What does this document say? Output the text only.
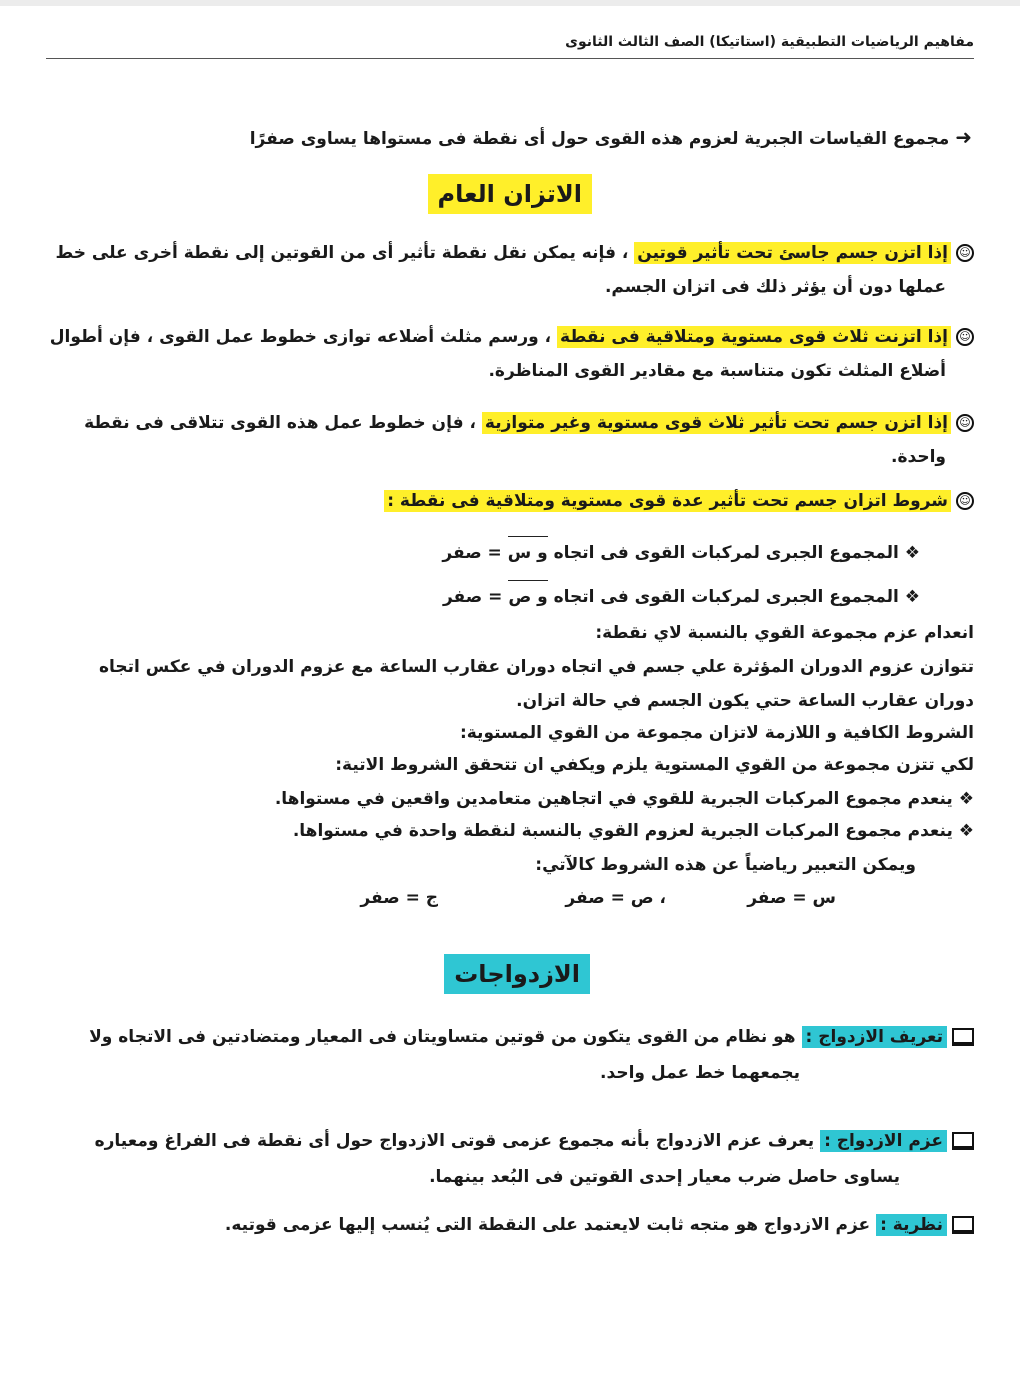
مفاهيم الرياضيات التطبيقية (استاتيكا) الصف الثالث الثانوى
➜ مجموع القياسات الجبرية لعزوم هذه القوى حول أى نقطة فى مستواها يساوى صفرًا
الاتزان العام
☺إذا اتزن جسم جاسئ تحت تأثير قوتين ، فإنه يمكن نقل نقطة تأثير أى من القوتين إلى نقطة أخرى على خط
عملها دون أن يؤثر ذلك فى اتزان الجسم.
☺إذا اتزنت ثلاث قوى مستوية ومتلاقية فى نقطة ، ورسم مثلث أضلاعه توازى خطوط عمل القوى ، فإن أطوال
أضلاع المثلث تكون متناسبة مع مقادير القوى المناظرة.
☺إذا اتزن جسم تحت تأثير ثلاث قوى مستوية وغير متوازية ، فإن خطوط عمل هذه القوى تتلاقى فى نقطة
واحدة.
☺شروط اتزان جسم تحت تأثير عدة قوى مستوية ومتلاقية فى نقطة :
❖ المجموع الجبرى لمركبات القوى فى اتجاه و س = صفر
❖ المجموع الجبرى لمركبات القوى فى اتجاه و ص = صفر
انعدام عزم مجموعة القوي بالنسبة لاي نقطة:
تتوازن عزوم الدوران المؤثرة علي جسم في اتجاه دوران عقارب الساعة مع عزوم الدوران في عكس اتجاه
دوران عقارب الساعة حتي يكون الجسم في حالة اتزان.
الشروط الكافية و اللازمة لاتزان مجموعة من القوي المستوية:
لكي تتزن مجموعة من القوي المستوية يلزم ويكفي ان تتحقق الشروط الاتية:
❖ ينعدم مجموع المركبات الجبرية للقوي في اتجاهين متعامدين واقعين في مستواها.
❖ ينعدم مجموع المركبات الجبرية لعزوم القوي بالنسبة لنقطة واحدة في مستواها.
ويمكن التعبير رياضياً عن هذه الشروط كالآتي:
س = صفر
، ص = صفر
ج = صفر
الازدواجات
تعريف الازدواج : هو نظام من القوى يتكون من قوتين متساويتان فى المعيار ومتضادتين فى الاتجاه ولا
يجمعهما خط عمل واحد.
عزم الازدواج : يعرف عزم الازدواج بأنه مجموع عزمى قوتى الازدواج حول أى نقطة فى الفراغ ومعياره
يساوى حاصل ضرب معيار إحدى القوتين فى البُعد بينهما.
نظرية : عزم الازدواج هو متجه ثابت لايعتمد على النقطة التى يُنسب إليها عزمى قوتيه.
